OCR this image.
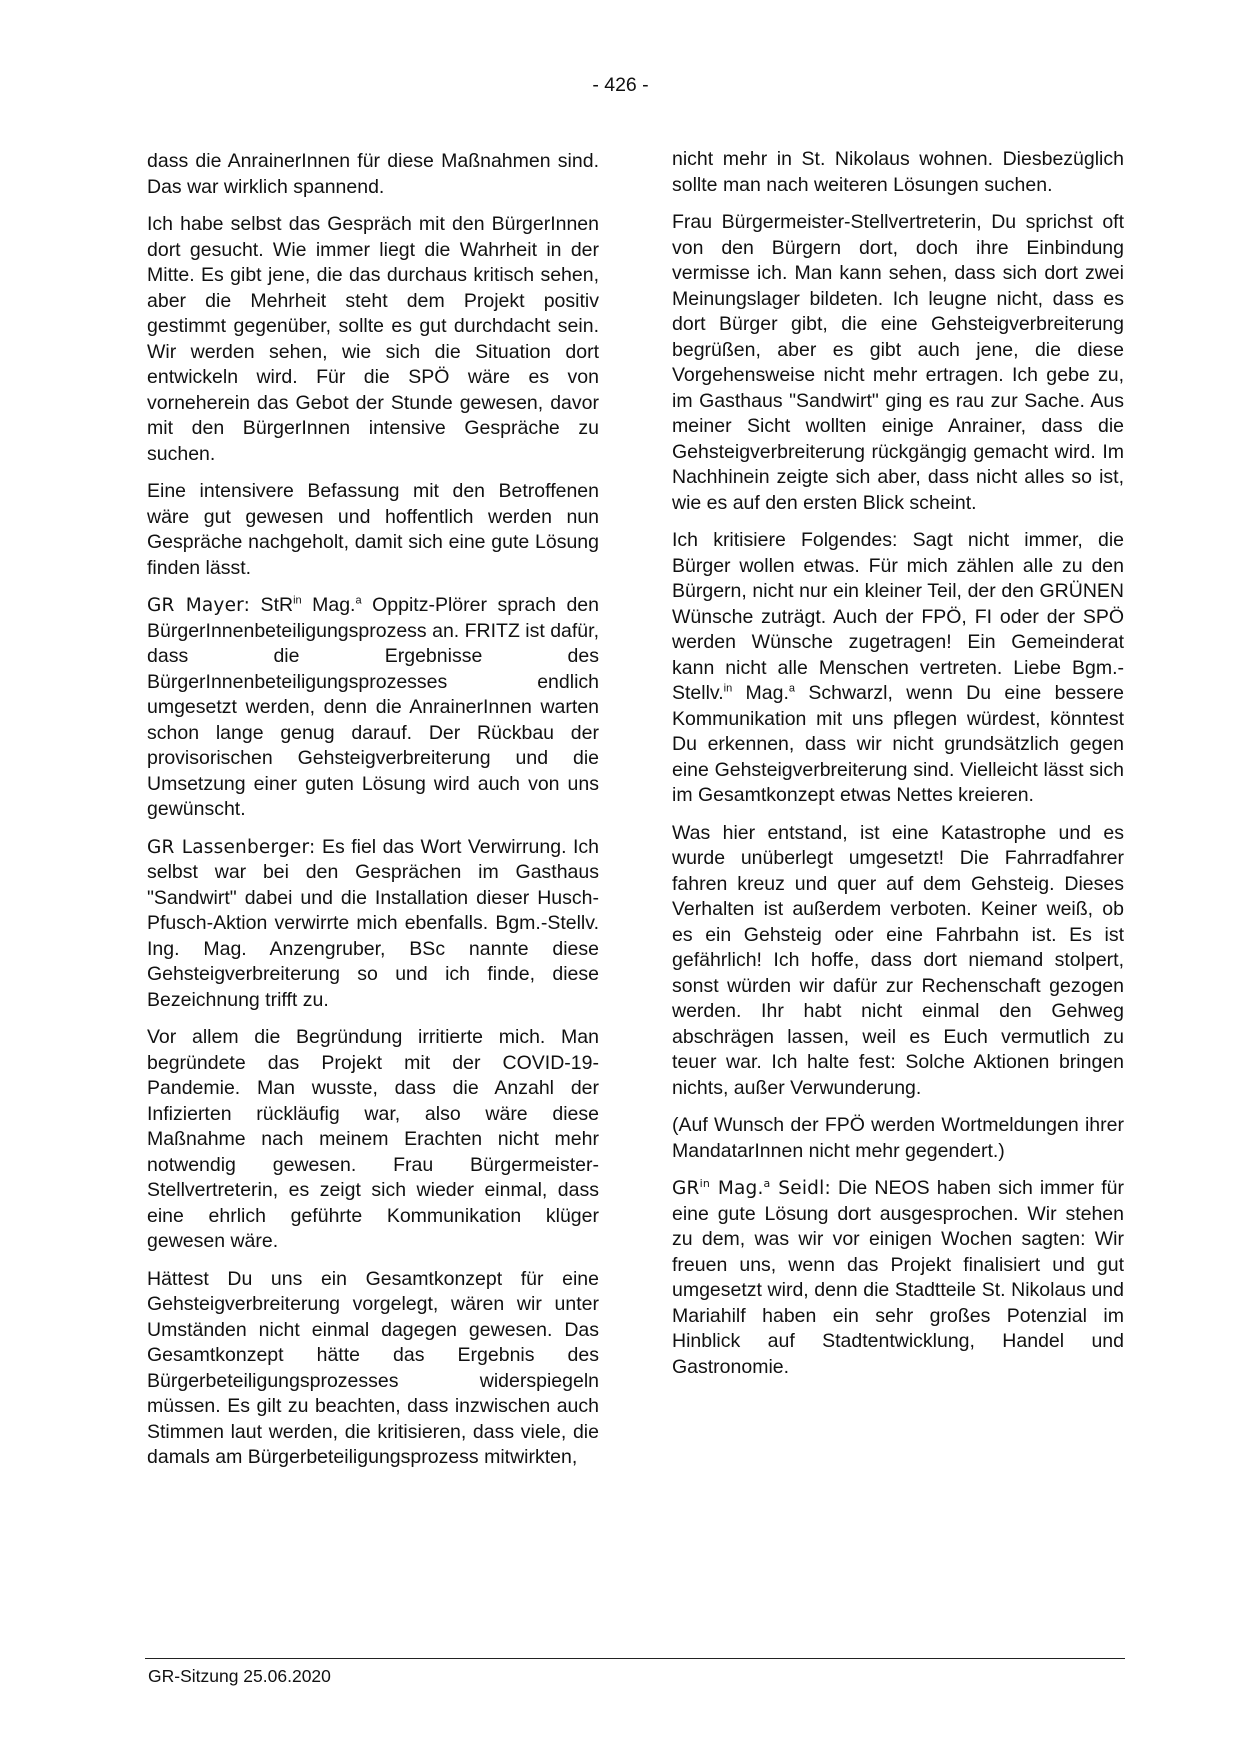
- 426 -

dass die AnrainerInnen für diese Maßnahmen sind. Das war wirklich spannend.

Ich habe selbst das Gespräch mit den BürgerInnen dort gesucht. Wie immer liegt die Wahrheit in der Mitte. Es gibt jene, die das durchaus kritisch sehen, aber die Mehrheit steht dem Projekt positiv gestimmt gegenüber, sollte es gut durchdacht sein. Wir werden sehen, wie sich die Situation dort entwickeln wird. Für die SPÖ wäre es von vorneherein das Gebot der Stunde gewesen, davor mit den BürgerInnen intensive Gespräche zu suchen.

Eine intensivere Befassung mit den Betroffenen wäre gut gewesen und hoffentlich werden nun Gespräche nachgeholt, damit sich eine gute Lösung finden lässt.

GR Mayer: StR$^{in}$ Mag.$^a$ Oppitz-Plörer sprach den BürgerInnenbeteiligungsprozess an. FRITZ ist dafür, dass die Ergebnisse des BürgerInnenbeteiligungsprozesses endlich umgesetzt werden, denn die AnrainerInnen warten schon lange genug darauf. Der Rückbau der provisorischen Gehsteigverbreiterung und die Umsetzung einer guten Lösung wird auch von uns gewünscht.

GR Lassenberger: Es fiel das Wort Verwirrung. Ich selbst war bei den Gesprächen im Gasthaus "Sandwirt" dabei und die Installation dieser Husch-Pfusch-Aktion verwirrte mich ebenfalls. Bgm.-Stellv. Ing. Mag. Anzengruber, BSc nannte diese Gehsteigverbreiterung so und ich finde, diese Bezeichnung trifft zu.

Vor allem die Begründung irritierte mich. Man begründete das Projekt mit der COVID-19-Pandemie. Man wusste, dass die Anzahl der Infizierten rückläufig war, also wäre diese Maßnahme nach meinem Erachten nicht mehr notwendig gewesen. Frau Bürgermeister-Stellvertreterin, es zeigt sich wieder einmal, dass eine ehrlich geführte Kommunikation klüger gewesen wäre.

Hättest Du uns ein Gesamtkonzept für eine Gehsteigverbreiterung vorgelegt, wären wir unter Umständen nicht einmal dagegen gewesen. Das Gesamtkonzept hätte das Ergebnis des Bürgerbeteiligungsprozesses widerspiegeln müssen. Es gilt zu beachten, dass inzwischen auch Stimmen laut werden, die kritisieren, dass viele, die damals am Bürgerbeteiligungsprozess mitwirkten,

nicht mehr in St. Nikolaus wohnen. Diesbezüglich sollte man nach weiteren Lösungen suchen.

Frau Bürgermeister-Stellvertreterin, Du sprichst oft von den Bürgern dort, doch ihre Einbindung vermisse ich. Man kann sehen, dass sich dort zwei Meinungslager bildeten. Ich leugne nicht, dass es dort Bürger gibt, die eine Gehsteigverbreiterung begrüßen, aber es gibt auch jene, die diese Vorgehensweise nicht mehr ertragen. Ich gebe zu, im Gasthaus "Sandwirt" ging es rau zur Sache. Aus meiner Sicht wollten einige Anrainer, dass die Gehsteigverbreiterung rückgängig gemacht wird. Im Nachhinein zeigte sich aber, dass nicht alles so ist, wie es auf den ersten Blick scheint.

Ich kritisiere Folgendes: Sagt nicht immer, die Bürger wollen etwas. Für mich zählen alle zu den Bürgern, nicht nur ein kleiner Teil, der den GRÜNEN Wünsche zuträgt. Auch der FPÖ, FI oder der SPÖ werden Wünsche zugetragen! Ein Gemeinderat kann nicht alle Menschen vertreten. Liebe Bgm.-Stellv.$^{in}$ Mag.$^a$ Schwarzl, wenn Du eine bessere Kommunikation mit uns pflegen würdest, könntest Du erkennen, dass wir nicht grundsätzlich gegen eine Gehsteigverbreiterung sind. Vielleicht lässt sich im Gesamtkonzept etwas Nettes kreieren.

Was hier entstand, ist eine Katastrophe und es wurde unüberlegt umgesetzt! Die Fahrradfahrer fahren kreuz und quer auf dem Gehsteig. Dieses Verhalten ist außerdem verboten. Keiner weiß, ob es ein Gehsteig oder eine Fahrbahn ist. Es ist gefährlich! Ich hoffe, dass dort niemand stolpert, sonst würden wir dafür zur Rechenschaft gezogen werden. Ihr habt nicht einmal den Gehweg abschrägen lassen, weil es Euch vermutlich zu teuer war. Ich halte fest: Solche Aktionen bringen nichts, außer Verwunderung.

(Auf Wunsch der FPÖ werden Wortmeldungen ihrer MandatarInnen nicht mehr gegendert.)

$GR^{in}$ Mag.$^a$ Seidl: Die NEOS haben sich immer für eine gute Lösung dort ausgesprochen. Wir stehen zu dem, was wir vor einigen Wochen sagten: Wir freuen uns, wenn das Projekt finalisiert und gut umgesetzt wird, denn die Stadtteile St. Nikolaus und Mariahilf haben ein sehr großes Potenzial im Hinblick auf Stadtentwicklung, Handel und Gastronomie.

GR-Sitzung 25.06.2020
